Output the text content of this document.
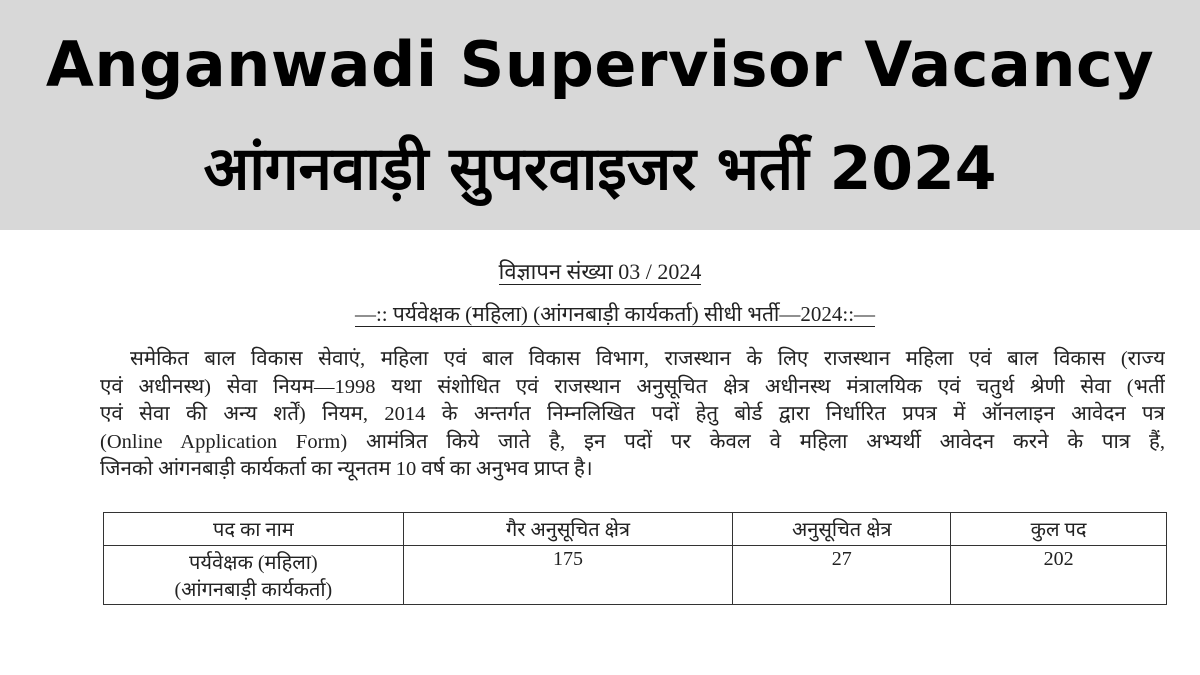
Anganwadi Supervisor Vacancy
आंगनवाड़ी सुपरवाइजर भर्ती 2024
विज्ञापन संख्या 03 / 2024
—:: पर्यवेक्षक (महिला) (आंगनबाड़ी कार्यकर्ता) सीधी भर्ती—2024::—
समेकित बाल विकास सेवाएं, महिला एवं बाल विकास विभाग, राजस्थान के लिए राजस्थान महिला एवं बाल विकास (राज्य
एवं अधीनस्थ) सेवा नियम—1998 यथा संशोधित एवं राजस्थान अनुसूचित क्षेत्र अधीनस्थ मंत्रालयिक एवं चतुर्थ श्रेणी सेवा (भर्ती
एवं सेवा की अन्य शर्तें) नियम, 2014 के अन्तर्गत निम्नलिखित पदों हेतु बोर्ड द्वारा निर्धारित प्रपत्र में ऑनलाइन आवेदन पत्र
(Online Application Form) आमंत्रित किये जाते है, इन पदों पर केवल वे महिला अभ्यर्थी आवेदन करने के पात्र हैं,
जिनको आंगनबाड़ी कार्यकर्ता का न्यूनतम 10 वर्ष का अनुभव प्राप्त है।
पद का नाम	गैर अनुसूचित क्षेत्र	अनुसूचित क्षेत्र	कुल पद

पर्यवेक्षक (महिला)
(आंगनबाड़ी कार्यकर्ता)	175	27	202
